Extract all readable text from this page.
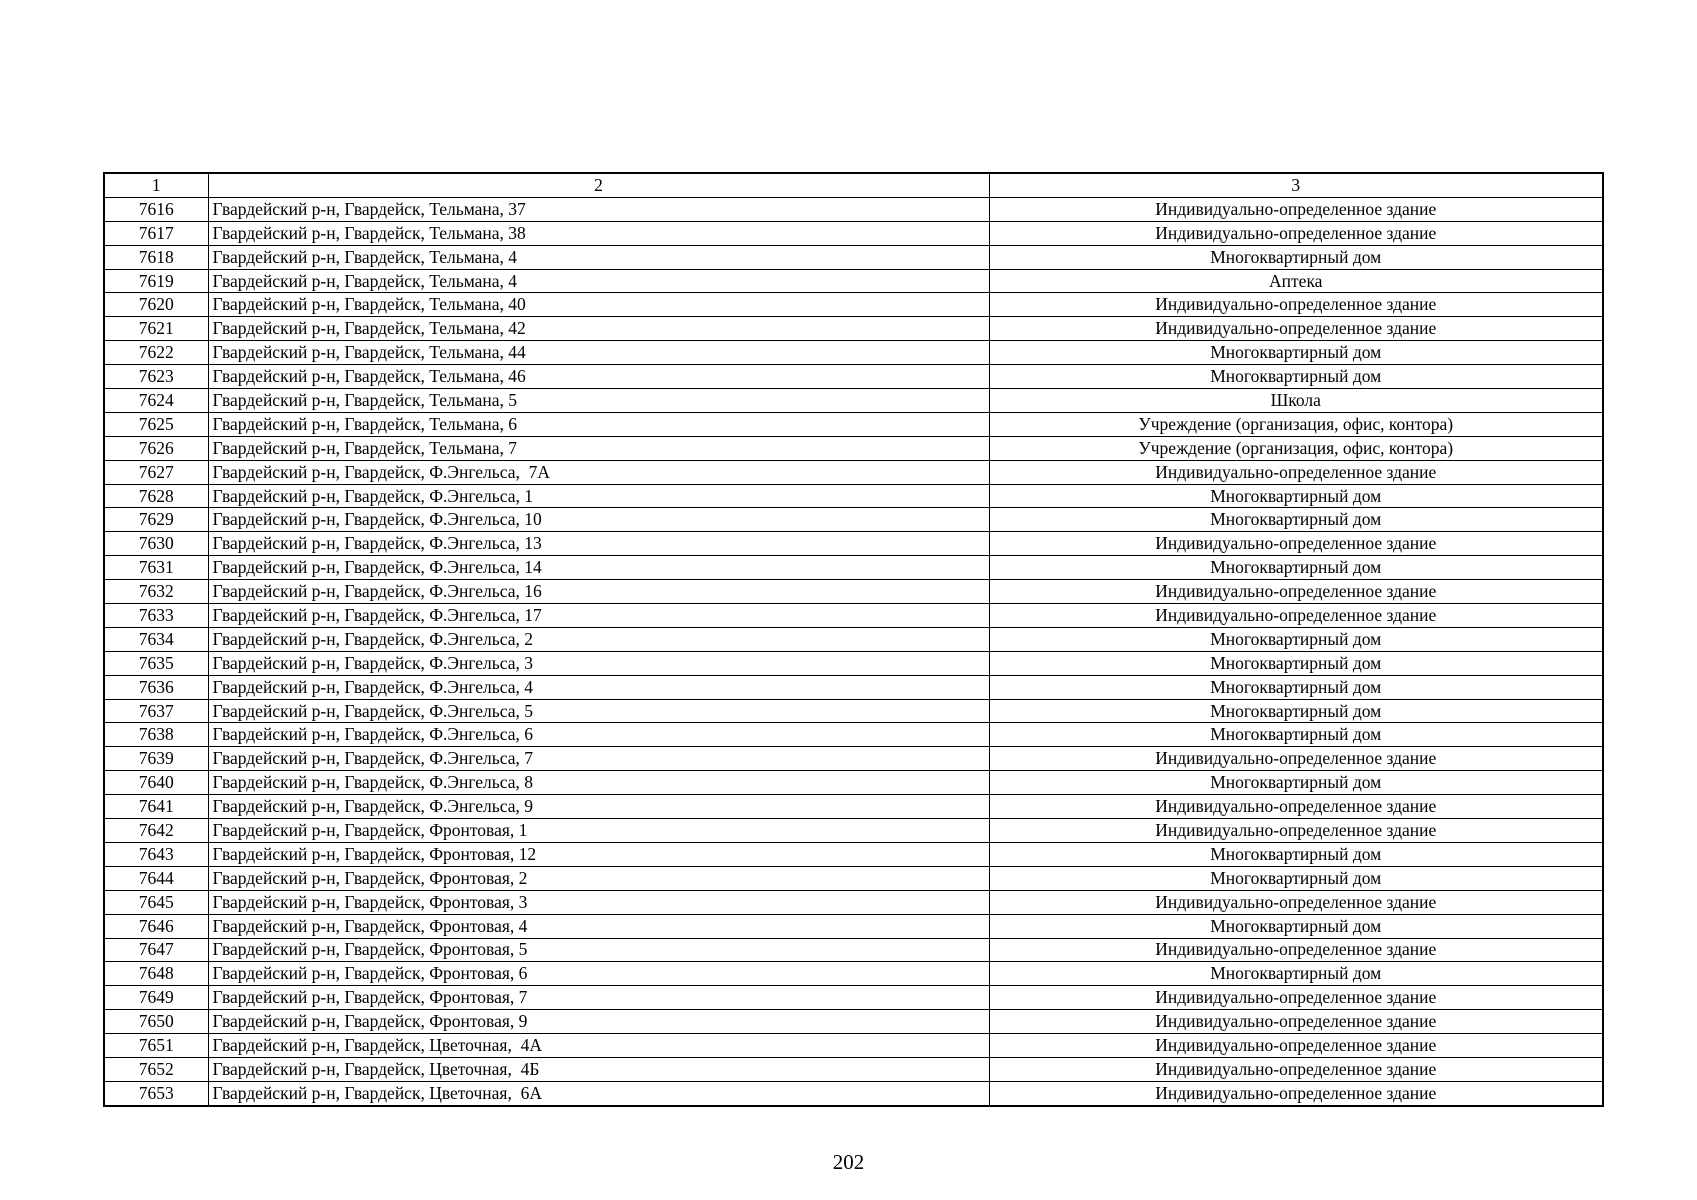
1	2	3
7616	Гвардейский р-н, Гвардейск, Тельмана, 37	Индивидуально-определенное здание
7617	Гвардейский р-н, Гвардейск, Тельмана, 38	Индивидуально-определенное здание
7618	Гвардейский р-н, Гвардейск, Тельмана, 4	Многоквартирный дом
7619	Гвардейский р-н, Гвардейск, Тельмана, 4	Аптека
7620	Гвардейский р-н, Гвардейск, Тельмана, 40	Индивидуально-определенное здание
7621	Гвардейский р-н, Гвардейск, Тельмана, 42	Индивидуально-определенное здание
7622	Гвардейский р-н, Гвардейск, Тельмана, 44	Многоквартирный дом
7623	Гвардейский р-н, Гвардейск, Тельмана, 46	Многоквартирный дом
7624	Гвардейский р-н, Гвардейск, Тельмана, 5	Школа
7625	Гвардейский р-н, Гвардейск, Тельмана, 6	Учреждение (организация, офис, контора)
7626	Гвардейский р-н, Гвардейск, Тельмана, 7	Учреждение (организация, офис, контора)
7627	Гвардейский р-н, Гвардейск, Ф.Энгельса,  7А	Индивидуально-определенное здание
7628	Гвардейский р-н, Гвардейск, Ф.Энгельса, 1	Многоквартирный дом
7629	Гвардейский р-н, Гвардейск, Ф.Энгельса, 10	Многоквартирный дом
7630	Гвардейский р-н, Гвардейск, Ф.Энгельса, 13	Индивидуально-определенное здание
7631	Гвардейский р-н, Гвардейск, Ф.Энгельса, 14	Многоквартирный дом
7632	Гвардейский р-н, Гвардейск, Ф.Энгельса, 16	Индивидуально-определенное здание
7633	Гвардейский р-н, Гвардейск, Ф.Энгельса, 17	Индивидуально-определенное здание
7634	Гвардейский р-н, Гвардейск, Ф.Энгельса, 2	Многоквартирный дом
7635	Гвардейский р-н, Гвардейск, Ф.Энгельса, 3	Многоквартирный дом
7636	Гвардейский р-н, Гвардейск, Ф.Энгельса, 4	Многоквартирный дом
7637	Гвардейский р-н, Гвардейск, Ф.Энгельса, 5	Многоквартирный дом
7638	Гвардейский р-н, Гвардейск, Ф.Энгельса, 6	Многоквартирный дом
7639	Гвардейский р-н, Гвардейск, Ф.Энгельса, 7	Индивидуально-определенное здание
7640	Гвардейский р-н, Гвардейск, Ф.Энгельса, 8	Многоквартирный дом
7641	Гвардейский р-н, Гвардейск, Ф.Энгельса, 9	Индивидуально-определенное здание
7642	Гвардейский р-н, Гвардейск, Фронтовая, 1	Индивидуально-определенное здание
7643	Гвардейский р-н, Гвардейск, Фронтовая, 12	Многоквартирный дом
7644	Гвардейский р-н, Гвардейск, Фронтовая, 2	Многоквартирный дом
7645	Гвардейский р-н, Гвардейск, Фронтовая, 3	Индивидуально-определенное здание
7646	Гвардейский р-н, Гвардейск, Фронтовая, 4	Многоквартирный дом
7647	Гвардейский р-н, Гвардейск, Фронтовая, 5	Индивидуально-определенное здание
7648	Гвардейский р-н, Гвардейск, Фронтовая, 6	Многоквартирный дом
7649	Гвардейский р-н, Гвардейск, Фронтовая, 7	Индивидуально-определенное здание
7650	Гвардейский р-н, Гвардейск, Фронтовая, 9	Индивидуально-определенное здание
7651	Гвардейский р-н, Гвардейск, Цветочная,  4А	Индивидуально-определенное здание
7652	Гвардейский р-н, Гвардейск, Цветочная,  4Б	Индивидуально-определенное здание
7653	Гвардейский р-н, Гвардейск, Цветочная,  6А	Индивидуально-определенное здание
202
